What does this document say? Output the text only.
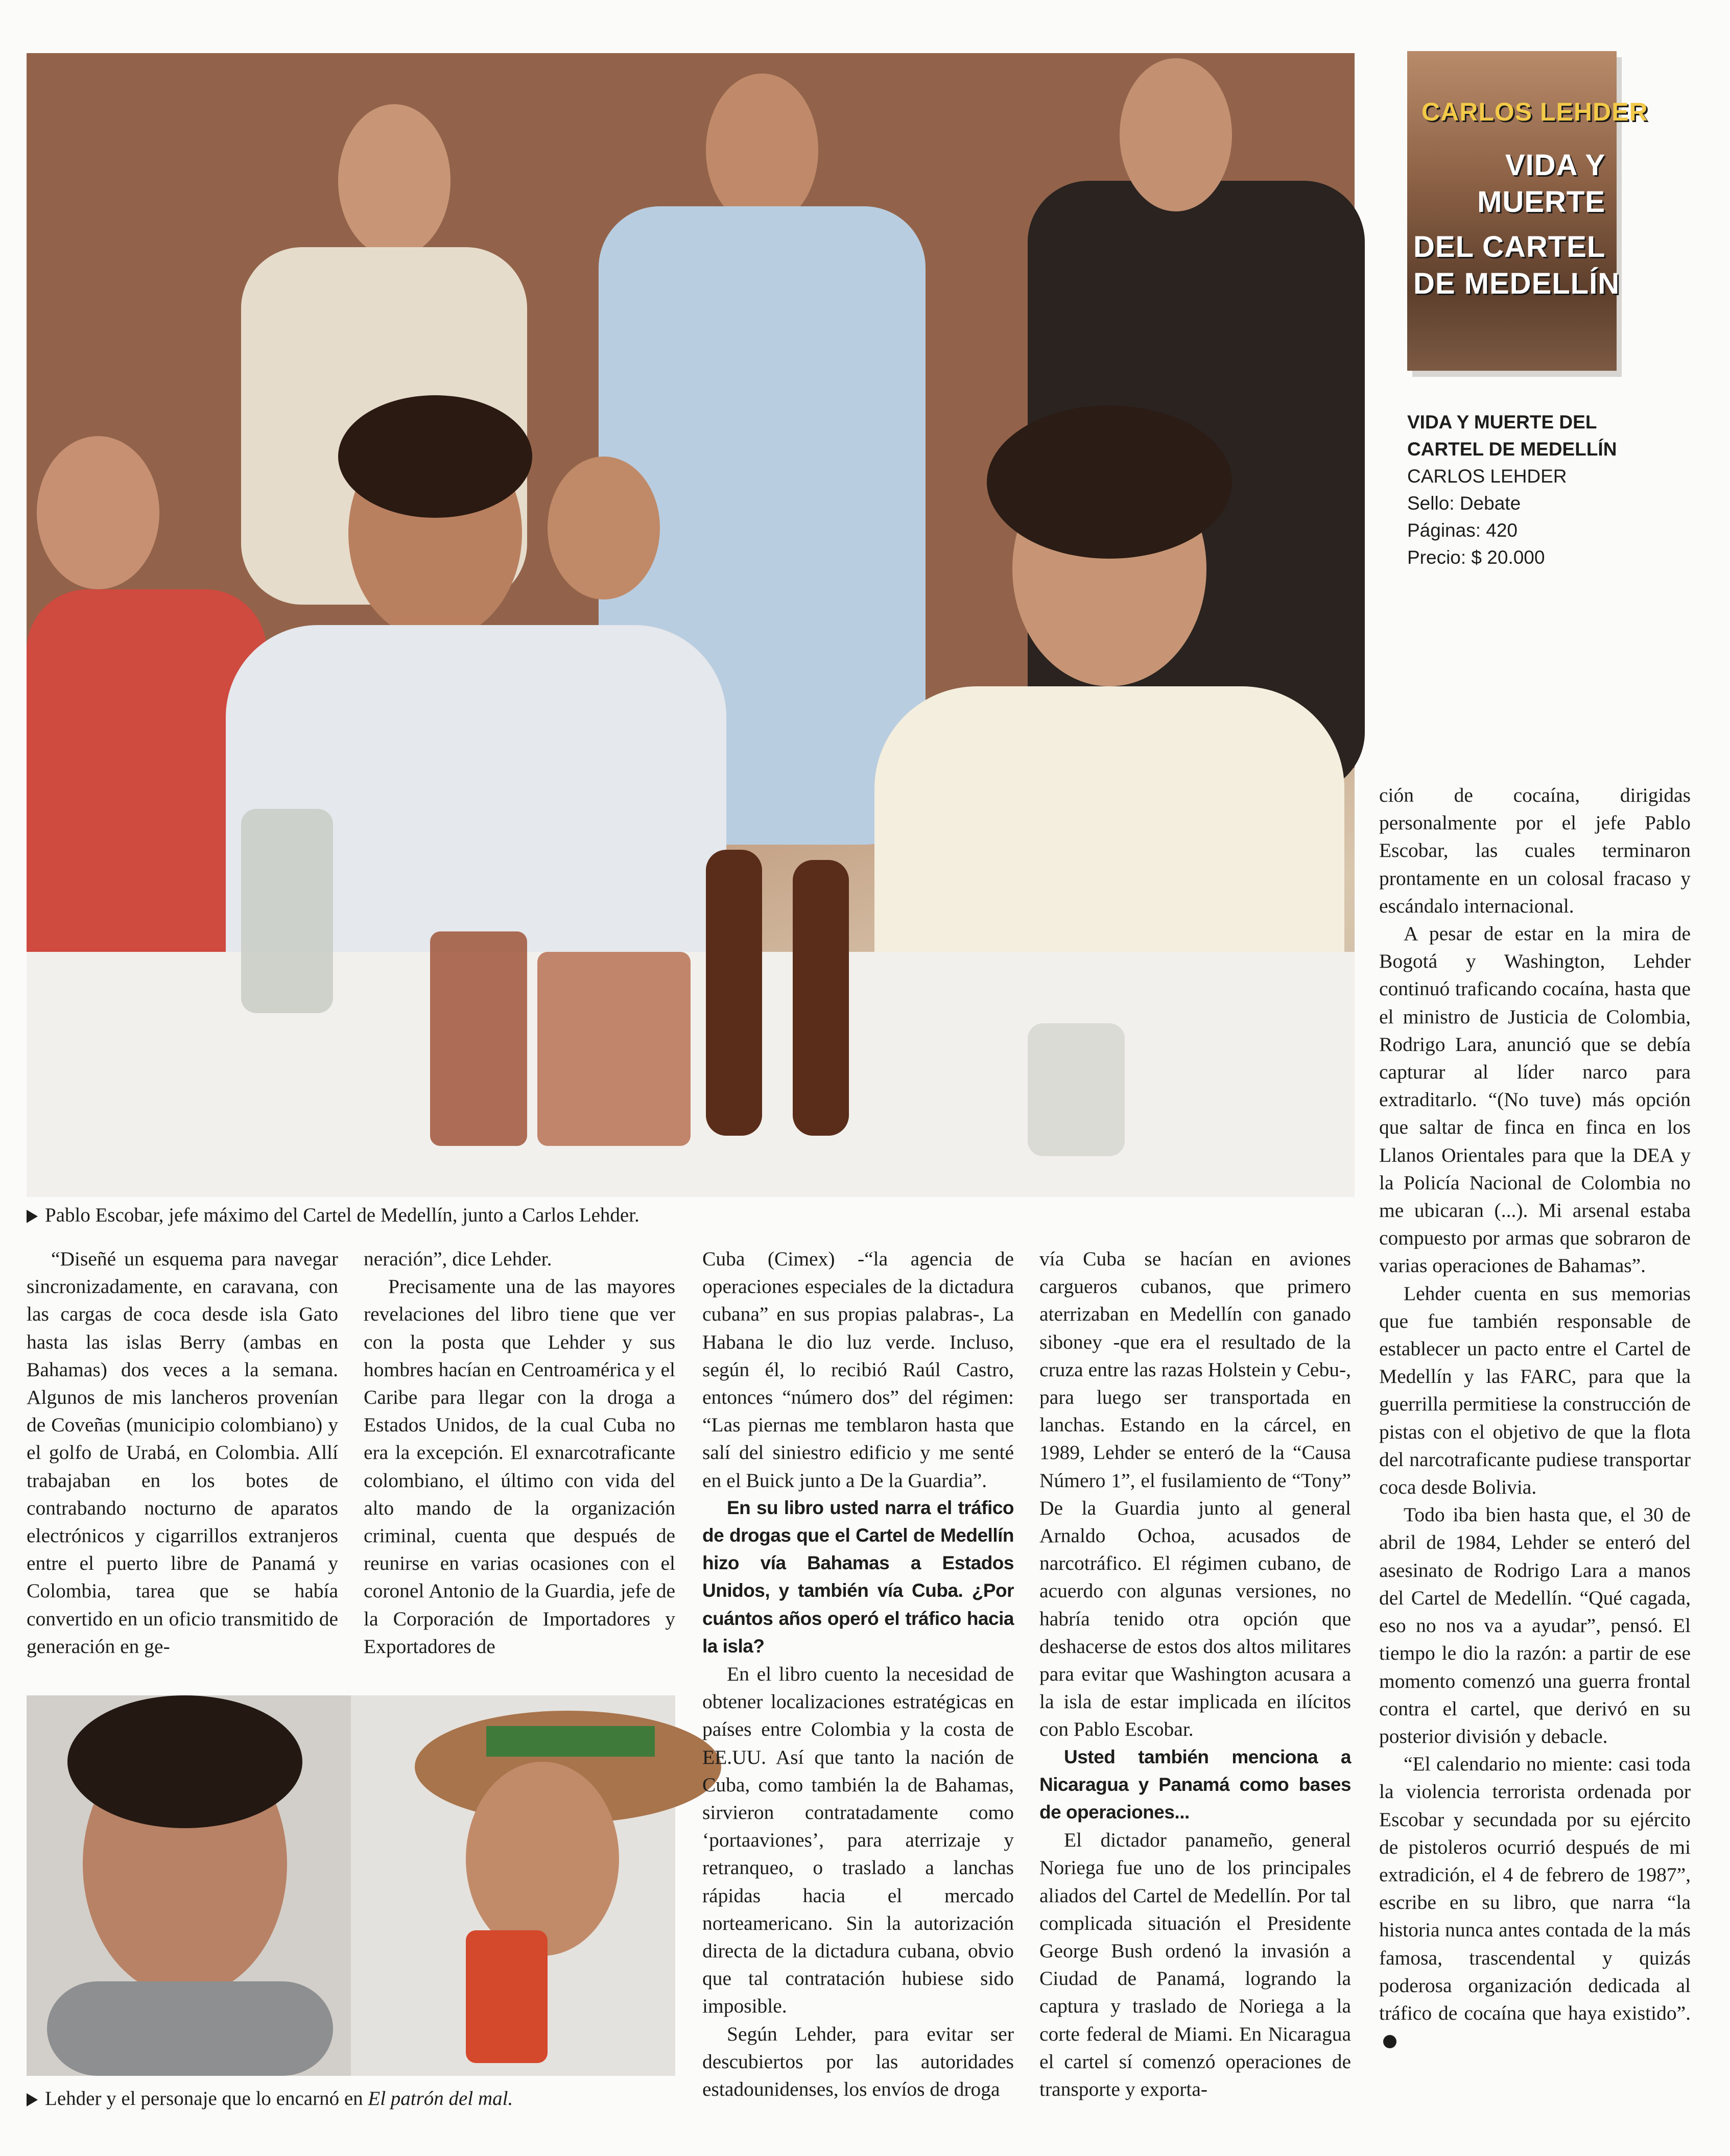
Pablo Escobar, jefe máximo del Cartel de Medellín, junto a Carlos Lehder.
CARLOS LEHDER
VIDA Y
MUERTE
DEL CARTEL
DE MEDELLÍN
VIDA Y MUERTE DEL
CARTEL DE MEDELLÍN
CARLOS LEHDER
Sello: Debate
Páginas: 420
Precio: $ 20.000

“Diseñé un esquema para navegar sincronizadamente, en caravana, con las cargas de coca desde isla Gato hasta las islas Berry (ambas en Bahamas) dos veces a la semana. Algunos de mis lancheros provenían de Coveñas (municipio colombiano) y el golfo de Urabá, en Colombia. Allí trabajaban en los botes de contrabando nocturno de aparatos electrónicos y cigarrillos extranjeros entre el puerto libre de Panamá y Colombia, tarea que se había convertido en un oficio transmitido de generación en ge-

neración”, dice Lehder.

Precisamente una de las mayores revelaciones del libro tiene que ver con la posta que Lehder y sus hombres hacían en Centroamérica y el Caribe para llegar con la droga a Estados Unidos, de la cual Cuba no era la excepción. El exnarcotraficante colombiano, el último con vida del alto mando de la organización criminal, cuenta que después de reunirse en varias ocasiones con el coronel Antonio de la Guardia, jefe de la Corporación de Importadores y Exportadores de

Lehder y el personaje que lo encarnó en El patrón del mal.

Cuba (Cimex) -“la agencia de operaciones especiales de la dictadura cubana” en sus propias palabras-, La Habana le dio luz verde. Incluso, según él, lo recibió Raúl Castro, entonces “número dos” del régimen: “Las piernas me temblaron hasta que salí del siniestro edificio y me senté en el Buick junto a De la Guardia”.

En su libro usted narra el tráfico de drogas que el Cartel de Medellín hizo vía Bahamas a Estados Unidos, y también vía Cuba. ¿Por cuántos años operó el tráfico hacia la isla?

En el libro cuento la necesidad de obtener localizaciones estratégicas en países entre Colombia y la costa de EE.UU. Así que tanto la nación de Cuba, como también la de Bahamas, sirvieron contratadamente como ‘portaaviones’, para aterrizaje y retranqueo, o traslado a lanchas rápidas hacia el mercado norteamericano. Sin la autorización directa de la dictadura cubana, obvio que tal contratación hubiese sido imposible.

Según Lehder, para evitar ser descubiertos por las autoridades estadounidenses, los envíos de droga

vía Cuba se hacían en aviones cargueros cubanos, que primero aterrizaban en Medellín con ganado siboney -que era el resultado de la cruza entre las razas Holstein y Cebu-, para luego ser transportada en lanchas. Estando en la cárcel, en 1989, Lehder se enteró de la “Causa Número 1”, el fusilamiento de “Tony” De la Guardia junto al general Arnaldo Ochoa, acusados de narcotráfico. El régimen cubano, de acuerdo con algunas versiones, no habría tenido otra opción que deshacerse de estos dos altos militares para evitar que Washington acusara a la isla de estar implicada en ilícitos con Pablo Escobar.

Usted también menciona a Nicaragua y Panamá como bases de operaciones...

El dictador panameño, general Noriega fue uno de los principales aliados del Cartel de Medellín. Por tal complicada situación el Presidente George Bush ordenó la invasión a Ciudad de Panamá, logrando la captura y traslado de Noriega a la corte federal de Miami. En Nicaragua el cartel sí comenzó operaciones de transporte y exporta-

ción de cocaína, dirigidas personalmente por el jefe Pablo Escobar, las cuales terminaron prontamente en un colosal fracaso y escándalo internacional.

A pesar de estar en la mira de Bogotá y Washington, Lehder continuó traficando cocaína, hasta que el ministro de Justicia de Colombia, Rodrigo Lara, anunció que se debía capturar al líder narco para extraditarlo. “(No tuve) más opción que saltar de finca en finca en los Llanos Orientales para que la DEA y la Policía Nacional de Colombia no me ubicaran (...). Mi arsenal estaba compuesto por armas que sobraron de varias operaciones de Bahamas”.

Lehder cuenta en sus memorias que fue también responsable de establecer un pacto entre el Cartel de Medellín y las FARC, para que la guerrilla permitiese la construcción de pistas con el objetivo de que la flota del narcotraficante pudiese transportar coca desde Bolivia.

Todo iba bien hasta que, el 30 de abril de 1984, Lehder se enteró del asesinato de Rodrigo Lara a manos del Cartel de Medellín. “Qué cagada, eso no nos va a ayudar”, pensó. El tiempo le dio la razón: a partir de ese momento comenzó una guerra frontal contra el cartel, que derivó en su posterior división y debacle.

“El calendario no miente: casi toda la violencia terrorista ordenada por Escobar y secundada por su ejército de pistoleros ocurrió después de mi extradición, el 4 de febrero de 1987”, escribe en su libro, que narra “la historia nunca antes contada de la más famosa, trascendental y quizás poderosa organización dedicada al tráfico de cocaína que haya existido”.
